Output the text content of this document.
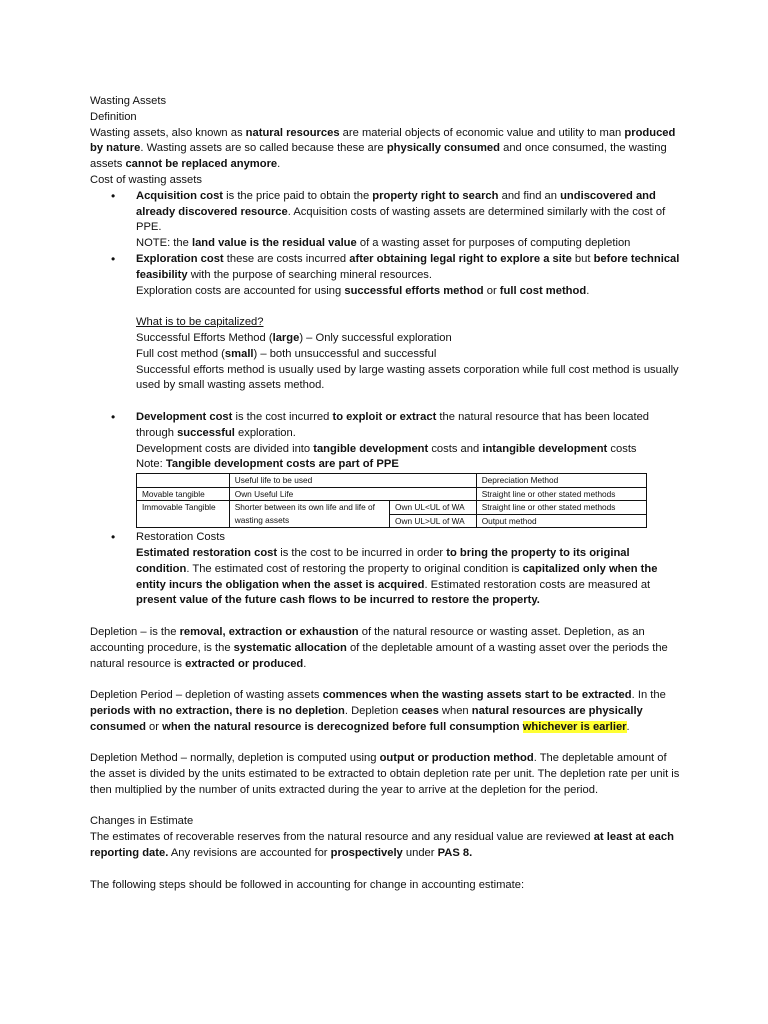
Wasting Assets

Definition

Wasting assets, also known as natural resources are material objects of economic value and utility to man produced by nature. Wasting assets are so called because these are physically consumed and once consumed, the wasting assets cannot be replaced anymore.

Cost of wasting assets

• Acquisition cost is the price paid to obtain the property right to search and find an undiscovered and already discovered resource. Acquisition costs of wasting assets are determined similarly with the cost of PPE.
NOTE: the land value is the residual value of a wasting asset for purposes of computing depletion
• Exploration cost these are costs incurred after obtaining legal right to explore a site but before technical feasibility with the purpose of searching mineral resources.
Exploration costs are accounted for using successful efforts method or full cost method.
What is to be capitalized?
Successful Efforts Method (large) – Only successful exploration
Full cost method (small) – both unsuccessful and successful
Successful efforts method is usually used by large wasting assets corporation while full cost method is usually used by small wasting assets method.
• Development cost is the cost incurred to exploit or extract the natural resource that has been located through successful exploration.
Development costs are divided into tangible development costs and intangible development costs
Note: Tangible development costs are part of PPE
	Useful life to be used		Depreciation Method
Movable tangible	Own Useful Life		Straight line or other stated methods
Immovable Tangible	Shorter between its own life and life of wasting assets	Own UL<UL of WA	Straight line or other stated methods
		Own UL>UL of WA	Output method
• Restoration Costs
Estimated restoration cost is the cost to be incurred in order to bring the property to its original condition. The estimated cost of restoring the property to original condition is capitalized only when the entity incurs the obligation when the asset is acquired. Estimated restoration costs are measured at present value of the future cash flows to be incurred to restore the property.

Depletion – is the removal, extraction or exhaustion of the natural resource or wasting asset. Depletion, as an accounting procedure, is the systematic allocation of the depletable amount of a wasting asset over the periods the natural resource is extracted or produced.

Depletion Period – depletion of wasting assets commences when the wasting assets start to be extracted. In the periods with no extraction, there is no depletion. Depletion ceases when natural resources are physically consumed or when the natural resource is derecognized before full consumption whichever is earlier.

Depletion Method – normally, depletion is computed using output or production method. The depletable amount of the asset is divided by the units estimated to be extracted to obtain depletion rate per unit. The depletion rate per unit is then multiplied by the number of units extracted during the year to arrive at the depletion for the period.

Changes in Estimate

The estimates of recoverable reserves from the natural resource and any residual value are reviewed at least at each reporting date. Any revisions are accounted for prospectively under PAS 8.

The following steps should be followed in accounting for change in accounting estimate:
